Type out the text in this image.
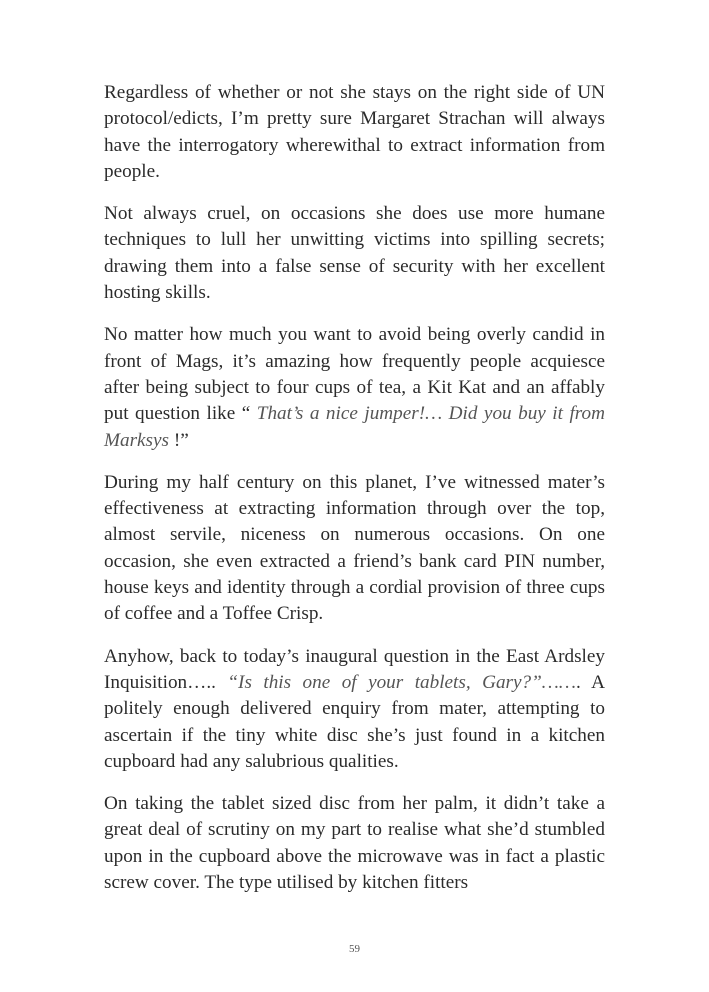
Regardless of whether or not she stays on the right side of UN protocol/edicts, I’m pretty sure Margaret Strachan will always have the interrogatory wherewithal to extract information from people.

Not always cruel, on occasions she does use more humane techniques to lull her unwitting victims into spilling secrets; drawing them into a false sense of security with her excellent hosting skills.

No matter how much you want to avoid being overly candid in front of Mags, it’s amazing how frequently people acquiesce after being subject to four cups of tea, a Kit Kat and an affably put question like “ That’s a nice jumper!… Did you buy it from Marksys !”

During my half century on this planet, I’ve witnessed mater’s effectiveness at extracting information through over the top, almost servile, niceness on numerous occasions. On one occasion, she even extracted a friend’s bank card PIN number, house keys and identity through a cordial provision of three cups of coffee and a Toffee Crisp.

Anyhow, back to today’s inaugural question in the East Ardsley Inquisition….. “Is this one of your tablets, Gary?”……. A politely enough delivered enquiry from mater, attempting to ascertain if the tiny white disc she’s just found in a kitchen cupboard had any salubrious qualities.

On taking the tablet sized disc from her palm, it didn’t take a great deal of scrutiny on my part to realise what she’d stumbled upon in the cupboard above the microwave was in fact a plastic screw cover. The type utilised by kitchen fitters

59
